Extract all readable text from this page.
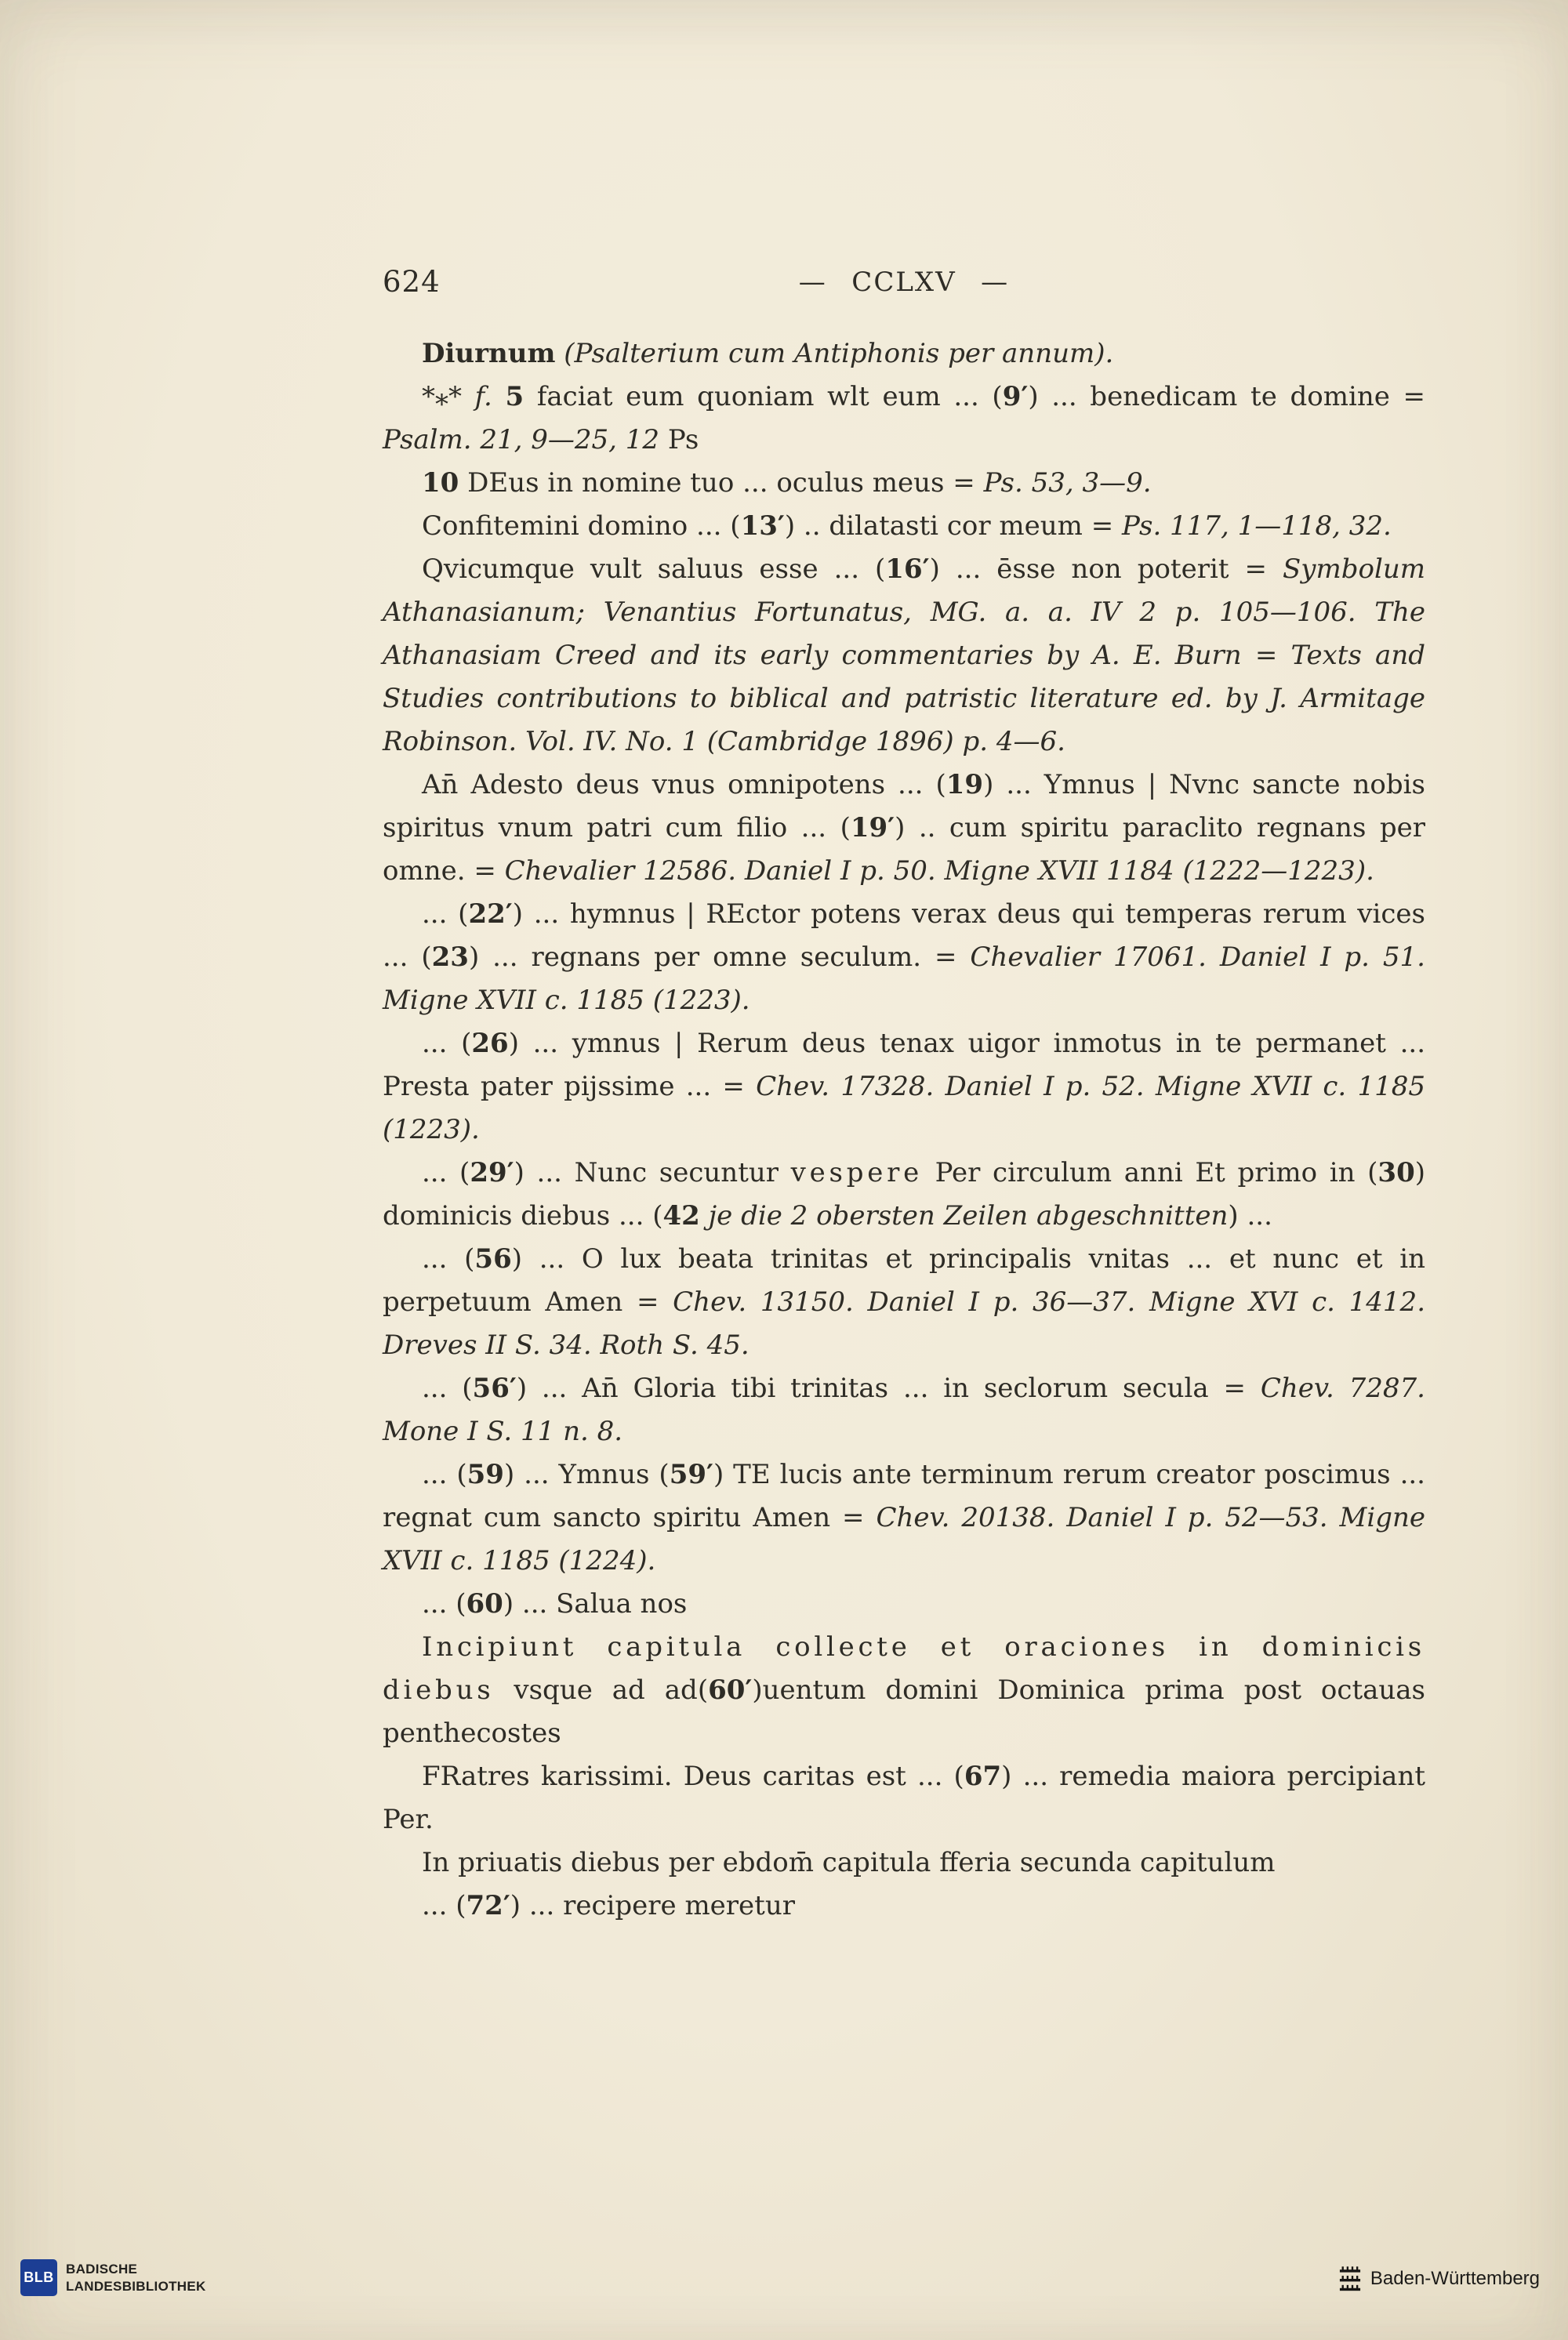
624	— CCLXV —

Diurnum (Psalterium cum Antiphonis per annum).

*** f. 5 faciat eum quoniam wlt eum ... (9′) ... benedicam te domine = Psalm. 21, 9—25, 12 Ps

10 DEus in nomine tuo ... oculus meus = Ps. 53, 3—9.

Confitemini domino ... (13′) .. dilatasti cor meum = Ps. 117, 1—118, 32.

Qvicumque vult saluus esse ... (16′) ... ēsse non poterit = Symbolum Athanasianum; Venantius Fortunatus, MG. a. a. IV 2 p. 105—106. The Athanasiam Creed and its early commentaries by A. E. Burn = Texts and Studies contributions to biblical and patristic literature ed. by J. Armitage Robinson. Vol. IV. No. 1 (Cambridge 1896) p. 4—6.

An̄ Adesto deus vnus omnipotens ... (19) ... Ymnus | Nvnc sancte nobis spiritus vnum patri cum filio ... (19′) .. cum spiritu paraclito regnans per omne. = Chevalier 12586. Daniel I p. 50. Migne XVII 1184 (1222—1223).

... (22′) ... hymnus | REctor potens verax deus qui temperas rerum vices ... (23) ... regnans per omne seculum. = Chevalier 17061. Daniel I p. 51. Migne XVII c. 1185 (1223).

... (26) ... ymnus | Rerum deus tenax uigor inmotus in te permanet ... Presta pater pijssime ... = Chev. 17328. Daniel I p. 52. Migne XVII c. 1185 (1223).

... (29′) ... Nunc secuntur vespere Per circulum anni Et primo in (30) dominicis diebus ... (42 je die 2 obersten Zeilen abgeschnitten) ...

... (56) ... O lux beata trinitas et principalis vnitas ... et nunc et in perpetuum Amen = Chev. 13150. Daniel I p. 36—37. Migne XVI c. 1412. Dreves II S. 34. Roth S. 45.

... (56′) ... An̄ Gloria tibi trinitas ... in seclorum secula = Chev. 7287. Mone I S. 11 n. 8.

... (59) ... Ymnus (59′) TE lucis ante terminum rerum creator poscimus ... regnat cum sancto spiritu Amen = Chev. 20138. Daniel I p. 52—53. Migne XVII c. 1185 (1224).

... (60) ... Salua nos

Incipiunt capitula collecte et oraciones in dominicis diebus vsque ad ad(60′)uentum domini Dominica prima post octauas penthecostes

FRatres karissimi. Deus caritas est ... (67) ... remedia maiora percipiant Per.

In priuatis diebus per ebdom̄ capitula fferia secunda capitulum

... (72′) ... recipere meretur

BLB
BADISCHE
LANDESBIBLIOTHEK	Baden-Württemberg
